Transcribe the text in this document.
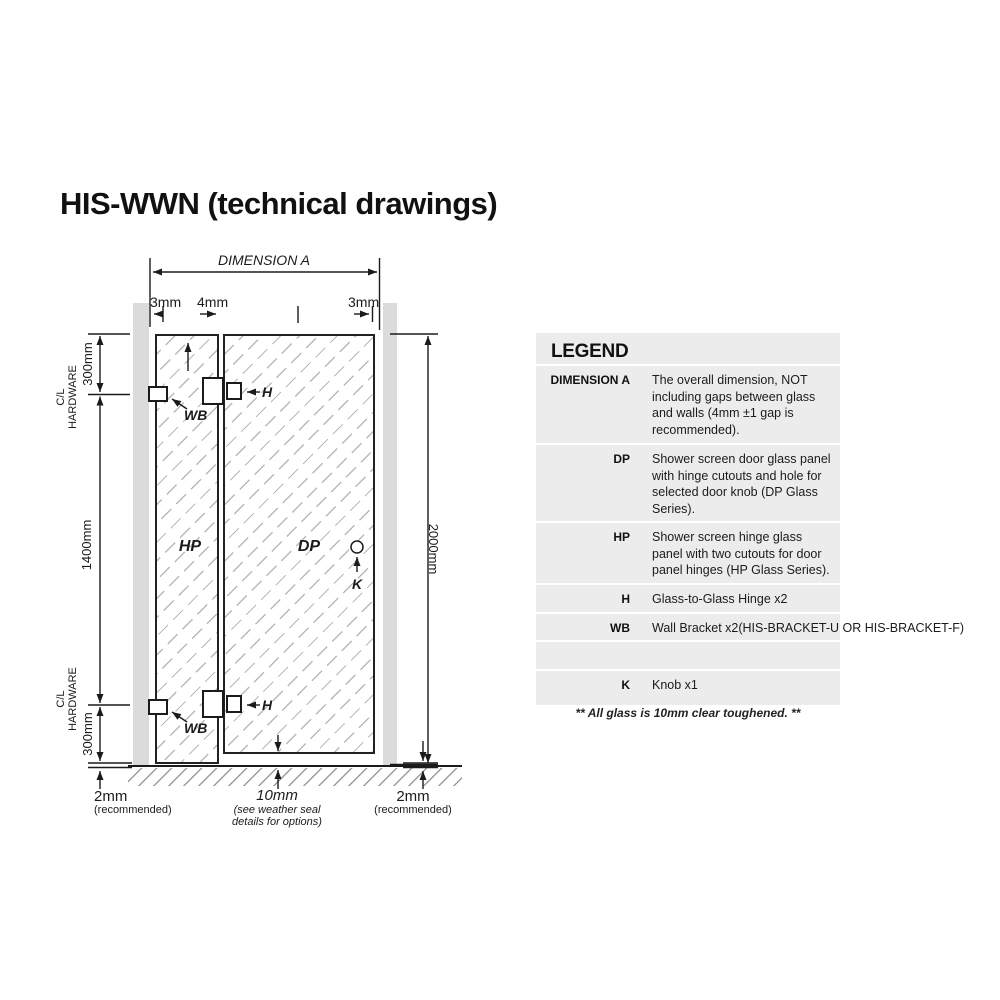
HIS-WWN (technical drawings)
DIMENSION A
3mm 4mm	3mm
300mm
C/L HARDWARE
1400mm
C/L HARDWARE
300mm
2000mm
HP	DP
H
H
WB
WB
K
2mm
(recommended)
10mm
(see weather seal
details for options)
2mm
(recommended)
LEGEND
DIMENSION A The overall dimension, NOT including gaps between glass and walls (4mm ±1 gap is recommended).
DP Shower screen door glass panel with hinge cutouts and hole for selected door knob (DP Glass Series).
HP Shower screen hinge glass panel with two cutouts for door panel hinges (HP Glass Series).
H Glass-to-Glass Hinge x2
WB Wall Bracket x2(HIS-BRACKET-U OR HIS-BRACKET-F)
K Knob x1
** All glass is 10mm clear toughened. **
